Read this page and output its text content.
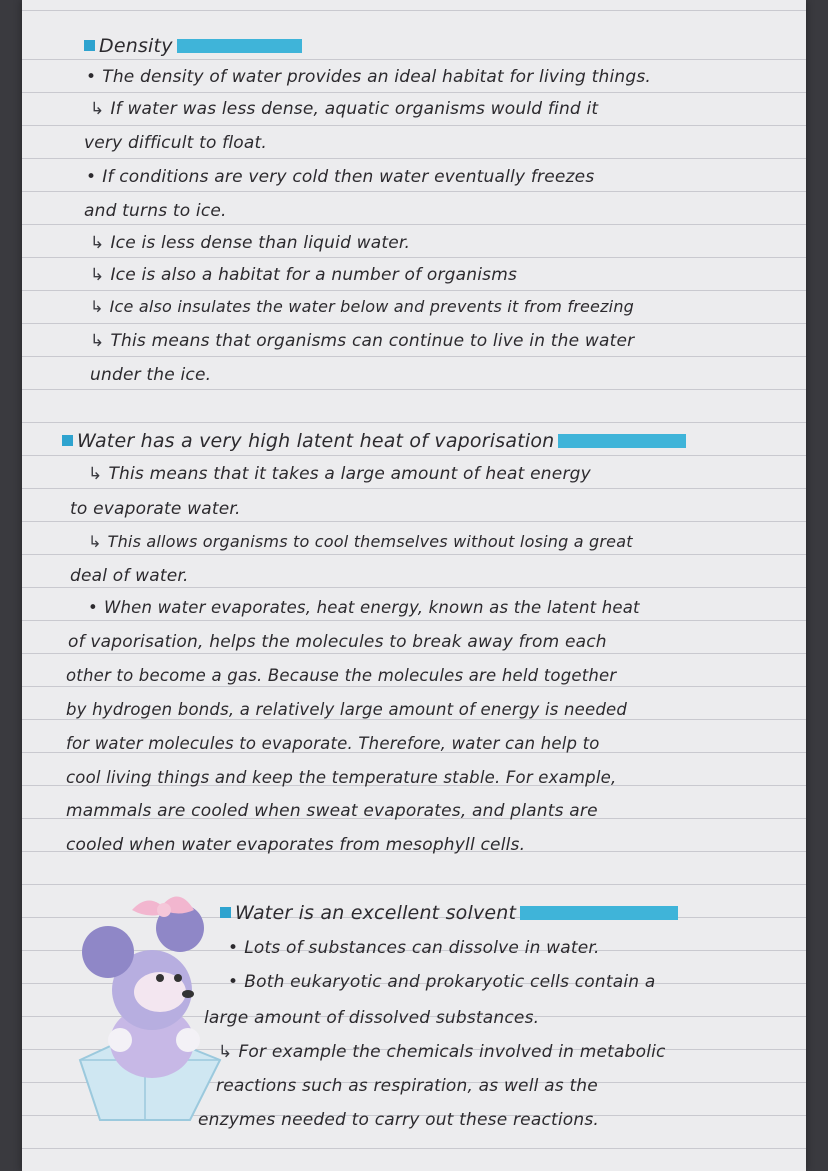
Density
• The density of water provides an ideal habitat for living things.
↳ If water was less dense, aquatic organisms would find it
very difficult to float.
• If conditions are very cold then water eventually freezes
and turns to ice.
↳ Ice is less dense than liquid water.
↳ Ice is also a habitat for a number of organisms
↳ Ice also insulates the water below and prevents it from freezing
↳ This means that organisms can continue to live in the water
under the ice.
Water has a very high latent heat of vaporisation
↳ This means that it takes a large amount of heat energy
to evaporate water.
↳ This allows organisms to cool themselves without losing a great
deal of water.
• When water evaporates, heat energy, known as the latent heat
of vaporisation, helps the molecules to break away from each
other to become a gas. Because the molecules are held together
by hydrogen bonds, a relatively large amount of energy is needed
for water molecules to evaporate. Therefore, water can help to
cool living things and keep the temperature stable. For example,
mammals are cooled when sweat evaporates, and plants are
cooled when water evaporates from mesophyll cells.
Water is an excellent solvent
• Lots of substances can dissolve in water.
• Both eukaryotic and prokaryotic cells contain a
large amount of dissolved substances.
↳ For example the chemicals involved in metabolic
reactions such as respiration, as well as the
enzymes needed to carry out these reactions.
